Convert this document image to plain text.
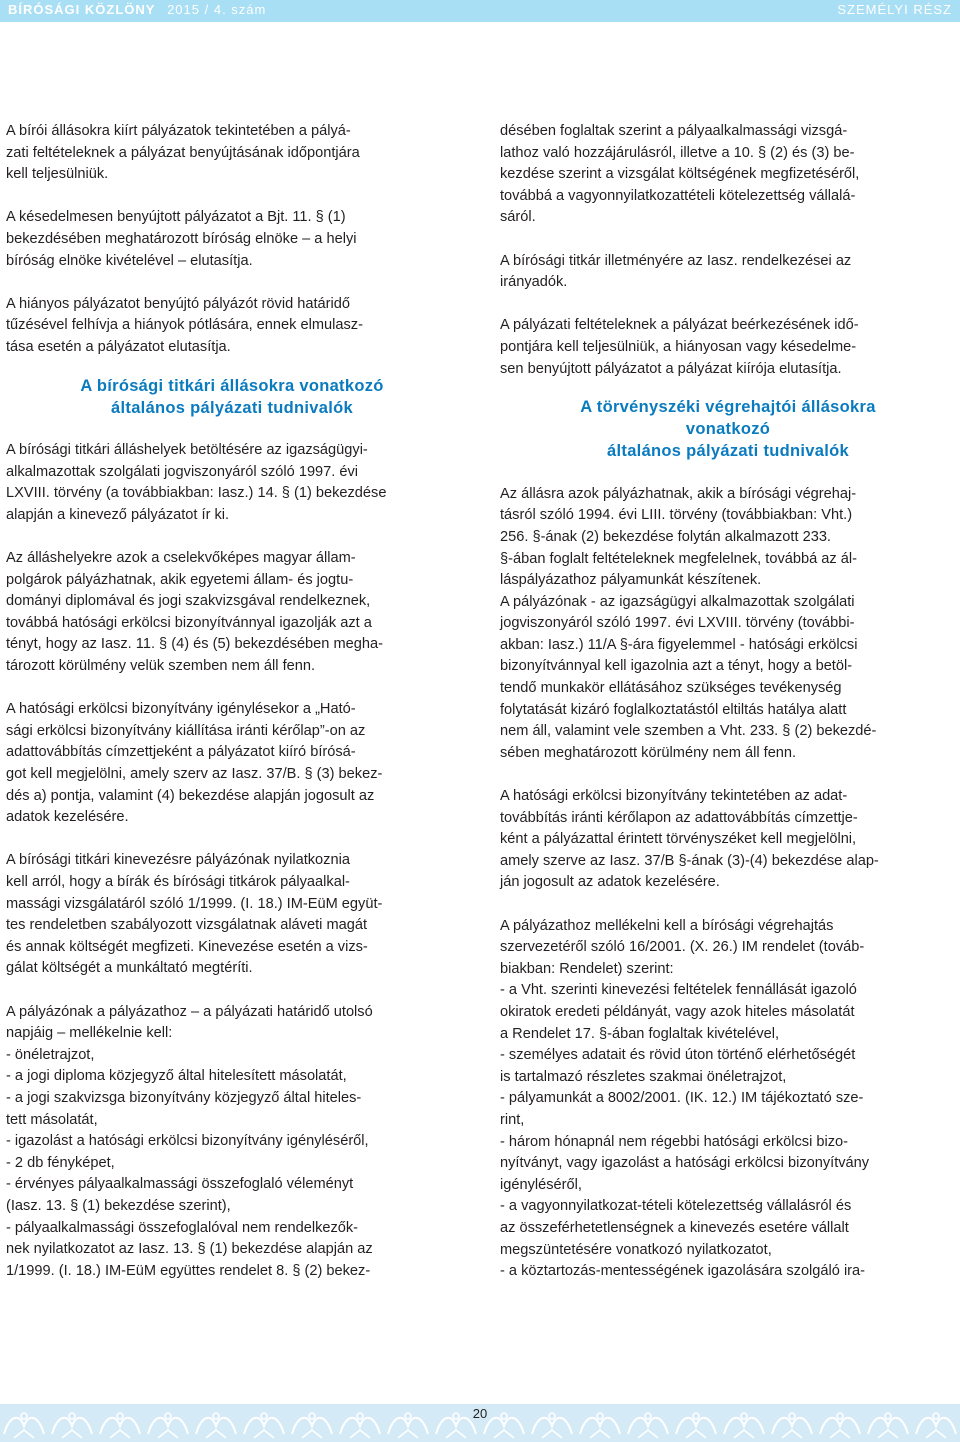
BÍRÓSÁGI KÖZLÖNY 2015 / 4. szám	SZEMÉLYI RÉSZ

A bírói állásokra kiírt pályázatok tekintetében a pályá-
zati feltételeknek a pályázat benyújtásának időpontjára
kell teljesülniük.

A késedelmesen benyújtott pályázatot a Bjt. 11. § (1)
bekezdésében meghatározott bíróság elnöke – a helyi
bíróság elnöke kivételével – elutasítja.

A hiányos pályázatot benyújtó pályázót rövid határidő
tűzésével felhívja a hiányok pótlására, ennek elmulasz-
tása esetén a pályázatot elutasítja.

A bírósági titkári állásokra vonatkozó
általános pályázati tudnivalók

A bírósági titkári álláshelyek betöltésére az igazságügyi-
alkalmazottak szolgálati jogviszonyáról szóló 1997. évi
LXVIII. törvény (a továbbiakban: Iasz.) 14. § (1) bekezdése
alapján a kinevező pályázatot ír ki.

Az álláshelyekre azok a cselekvőképes magyar állam-
polgárok pályázhatnak, akik egyetemi állam- és jogtu-
dományi diplomával és jogi szakvizsgával rendelkeznek,
továbbá hatósági erkölcsi bizonyítvánnyal igazolják azt a
tényt, hogy az Iasz. 11. § (4) és (5) bekezdésében megha-
tározott körülmény velük szemben nem áll fenn.

A hatósági erkölcsi bizonyítvány igénylésekor a „Ható-
sági erkölcsi bizonyítvány kiállítása iránti kérőlap”-on az
adattovábbítás címzettjeként a pályázatot kiíró bírósá-
got kell megjelölni, amely szerv az Iasz. 37/B. § (3) bekez-
dés a) pontja, valamint (4) bekezdése alapján jogosult az
adatok kezelésére.

A bírósági titkári kinevezésre pályázónak nyilatkoznia
kell arról, hogy a bírák és bírósági titkárok pályaalkal-
massági vizsgálatáról szóló 1/1999. (I. 18.) IM-EüM együt-
tes rendeletben szabályozott vizsgálatnak aláveti magát
és annak költségét megfizeti. Kinevezése esetén a vizs-
gálat költségét a munkáltató megtéríti.

A pályázónak a pályázathoz – a pályázati határidő utolsó
napjáig – mellékelnie kell:
- önéletrajzot,
- a jogi diploma közjegyző által hitelesített másolatát,
- a jogi szakvizsga bizonyítvány közjegyző által hiteles-
tett másolatát,
- igazolást a hatósági erkölcsi bizonyítvány igényléséről,
- 2 db fényképet,
- érvényes pályaalkalmassági összefoglaló véleményt
(Iasz. 13. § (1) bekezdése szerint),
- pályaalkalmassági összefoglalóval nem rendelkezők-
nek nyilatkozatot az Iasz. 13. § (1) bekezdése alapján az
1/1999. (I. 18.) IM-EüM együttes rendelet 8. § (2) bekez-

désében foglaltak szerint a pályaalkalmassági vizsgá-
lathoz való hozzájárulásról, illetve a 10. § (2) és (3) be-
kezdése szerint a vizsgálat költségének megfizetéséről,
továbbá a vagyonnyilatkozattételi kötelezettség vállalá-
sáról.

A bírósági titkár illetményére az Iasz. rendelkezései az
irányadók.

A pályázati feltételeknek a pályázat beérkezésének idő-
pontjára kell teljesülniük, a hiányosan vagy késedelme-
sen benyújtott pályázatot a pályázat kiírója elutasítja.

A törvényszéki végrehajtói állásokra
vonatkozó
általános pályázati tudnivalók

Az állásra azok pályázhatnak, akik a bírósági végrehaj-
tásról szóló 1994. évi LIII. törvény (továbbiakban: Vht.)
256. §-ának (2) bekezdése folytán alkalmazott 233.
§-ában foglalt feltételeknek megfelelnek, továbbá az ál-
láspályázathoz pályamunkát készítenek.
A pályázónak - az igazságügyi alkalmazottak szolgálati
jogviszonyáról szóló 1997. évi LXVIII. törvény (további-
akban: Iasz.) 11/A §-ára figyelemmel - hatósági erkölcsi
bizonyítvánnyal kell igazolnia azt a tényt, hogy a betöl-
tendő munkakör ellátásához szükséges tevékenység
folytatását kizáró foglalkoztatástól eltiltás hatálya alatt
nem áll, valamint vele szemben a Vht. 233. § (2) bekezdé-
sében meghatározott körülmény nem áll fenn.

A hatósági erkölcsi bizonyítvány tekintetében az adat-
továbbítás iránti kérőlapon az adattovábbítás címzettje-
ként a pályázattal érintett törvényszéket kell megjelölni,
amely szerve az Iasz. 37/B §-ának (3)-(4) bekezdése alap-
ján jogosult az adatok kezelésére.

A pályázathoz mellékelni kell a bírósági végrehajtás
szervezetéről szóló 16/2001. (X. 26.) IM rendelet (továb-
biakban: Rendelet) szerint:
- a Vht. szerinti kinevezési feltételek fennállását igazoló
okiratok eredeti példányát, vagy azok hiteles másolatát
a Rendelet 17. §-ában foglaltak kivételével,
- személyes adatait és rövid úton történő elérhetőségét
is tartalmazó részletes szakmai önéletrajzot,
- pályamunkát a 8002/2001. (IK. 12.) IM tájékoztató sze-
rint,
- három hónapnál nem régebbi hatósági erkölcsi bizo-
nyítványt, vagy igazolást a hatósági erkölcsi bizonyítvány
igényléséről,
- a vagyonnyilatkozat-tételi kötelezettség vállalásról és
az összeférhetetlenségnek a kinevezés esetére vállalt
megszüntetésére vonatkozó nyilatkozatot,
- a köztartozás-mentességének igazolására szolgáló ira-

20
